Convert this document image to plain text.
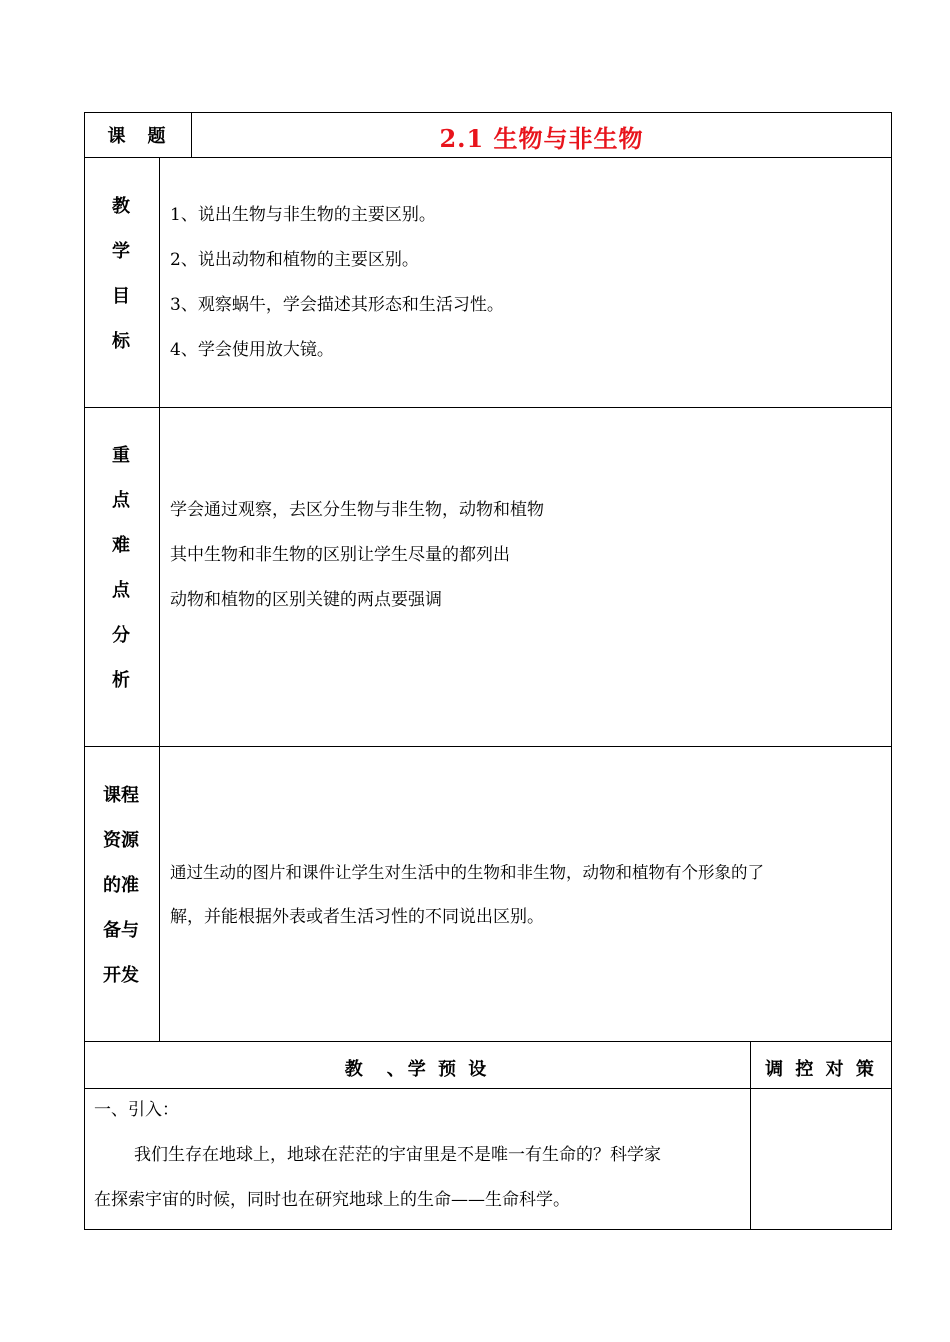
课　题	2.1 生物与非生物
教
学
目
标
1、说出生物与非生物的主要区别。
2、说出动物和植物的主要区别。
3、观察蜗牛，学会描述其形态和生活习性。
4、学会使用放大镜。
重
点
难
点
分
析
学会通过观察，去区分生物与非生物，动物和植物
其中生物和非生物的区别让学生尽量的都列出
动物和植物的区别关键的两点要强调
课程
资源
的准
备与
开发
通过生动的图片和课件让学生对生活中的生物和非生物，动物和植物有个形象的了
解，并能根据外表或者生活习性的不同说出区别。
教　、学 预 设	调 控 对 策
一、引入：
我们生存在地球上，地球在茫茫的宇宙里是不是唯一有生命的？科学家
在探索宇宙的时候，同时也在研究地球上的生命——生命科学。
